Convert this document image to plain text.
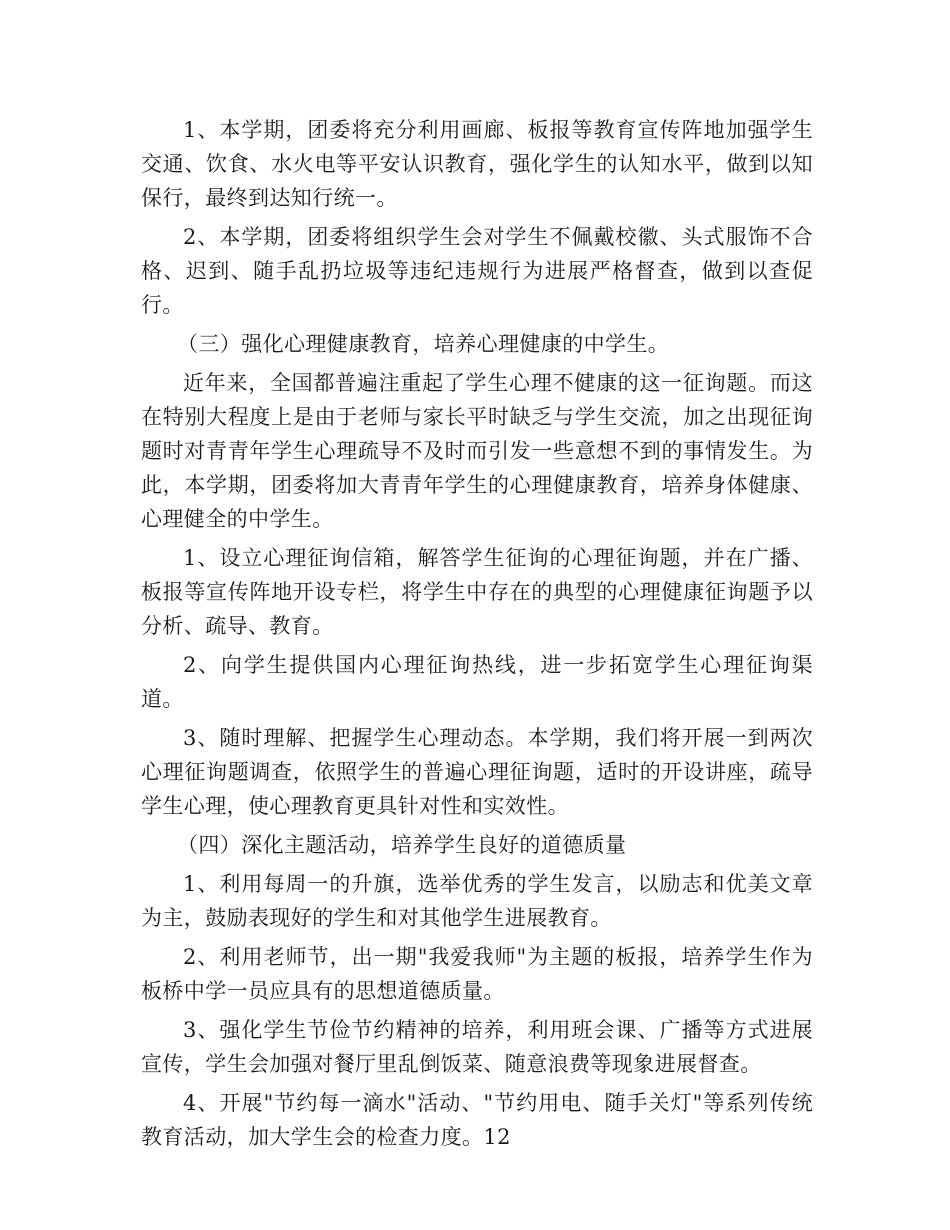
1、本学期，团委将充分利用画廊、板报等教育宣传阵地加强学生交通、饮食、水火电等平安认识教育，强化学生的认知水平，做到以知保行，最终到达知行统一。

2、本学期，团委将组织学生会对学生不佩戴校徽、头式服饰不合格、迟到、随手乱扔垃圾等违纪违规行为进展严格督查，做到以查促行。

（三）强化心理健康教育，培养心理健康的中学生。

近年来，全国都普遍注重起了学生心理不健康的这一征询题。而这在特别大程度上是由于老师与家长平时缺乏与学生交流，加之出现征询题时对青青年学生心理疏导不及时而引发一些意想不到的事情发生。为此，本学期，团委将加大青青年学生的心理健康教育，培养身体健康、心理健全的中学生。

1、设立心理征询信箱，解答学生征询的心理征询题，并在广播、板报等宣传阵地开设专栏，将学生中存在的典型的心理健康征询题予以分析、疏导、教育。

2、向学生提供国内心理征询热线，进一步拓宽学生心理征询渠道。

3、随时理解、把握学生心理动态。本学期，我们将开展一到两次心理征询题调查，依照学生的普遍心理征询题，适时的开设讲座，疏导学生心理，使心理教育更具针对性和实效性。

（四）深化主题活动，培养学生良好的道德质量

1、利用每周一的升旗，选举优秀的学生发言，以励志和优美文章为主，鼓励表现好的学生和对其他学生进展教育。

2、利用老师节，出一期"我爱我师"为主题的板报，培养学生作为板桥中学一员应具有的思想道德质量。

3、强化学生节俭节约精神的培养，利用班会课、广播等方式进展宣传，学生会加强对餐厅里乱倒饭菜、随意浪费等现象进展督查。

4、开展"节约每一滴水"活动、"节约用电、随手关灯"等系列传统教育活动，加大学生会的检查力度。12
